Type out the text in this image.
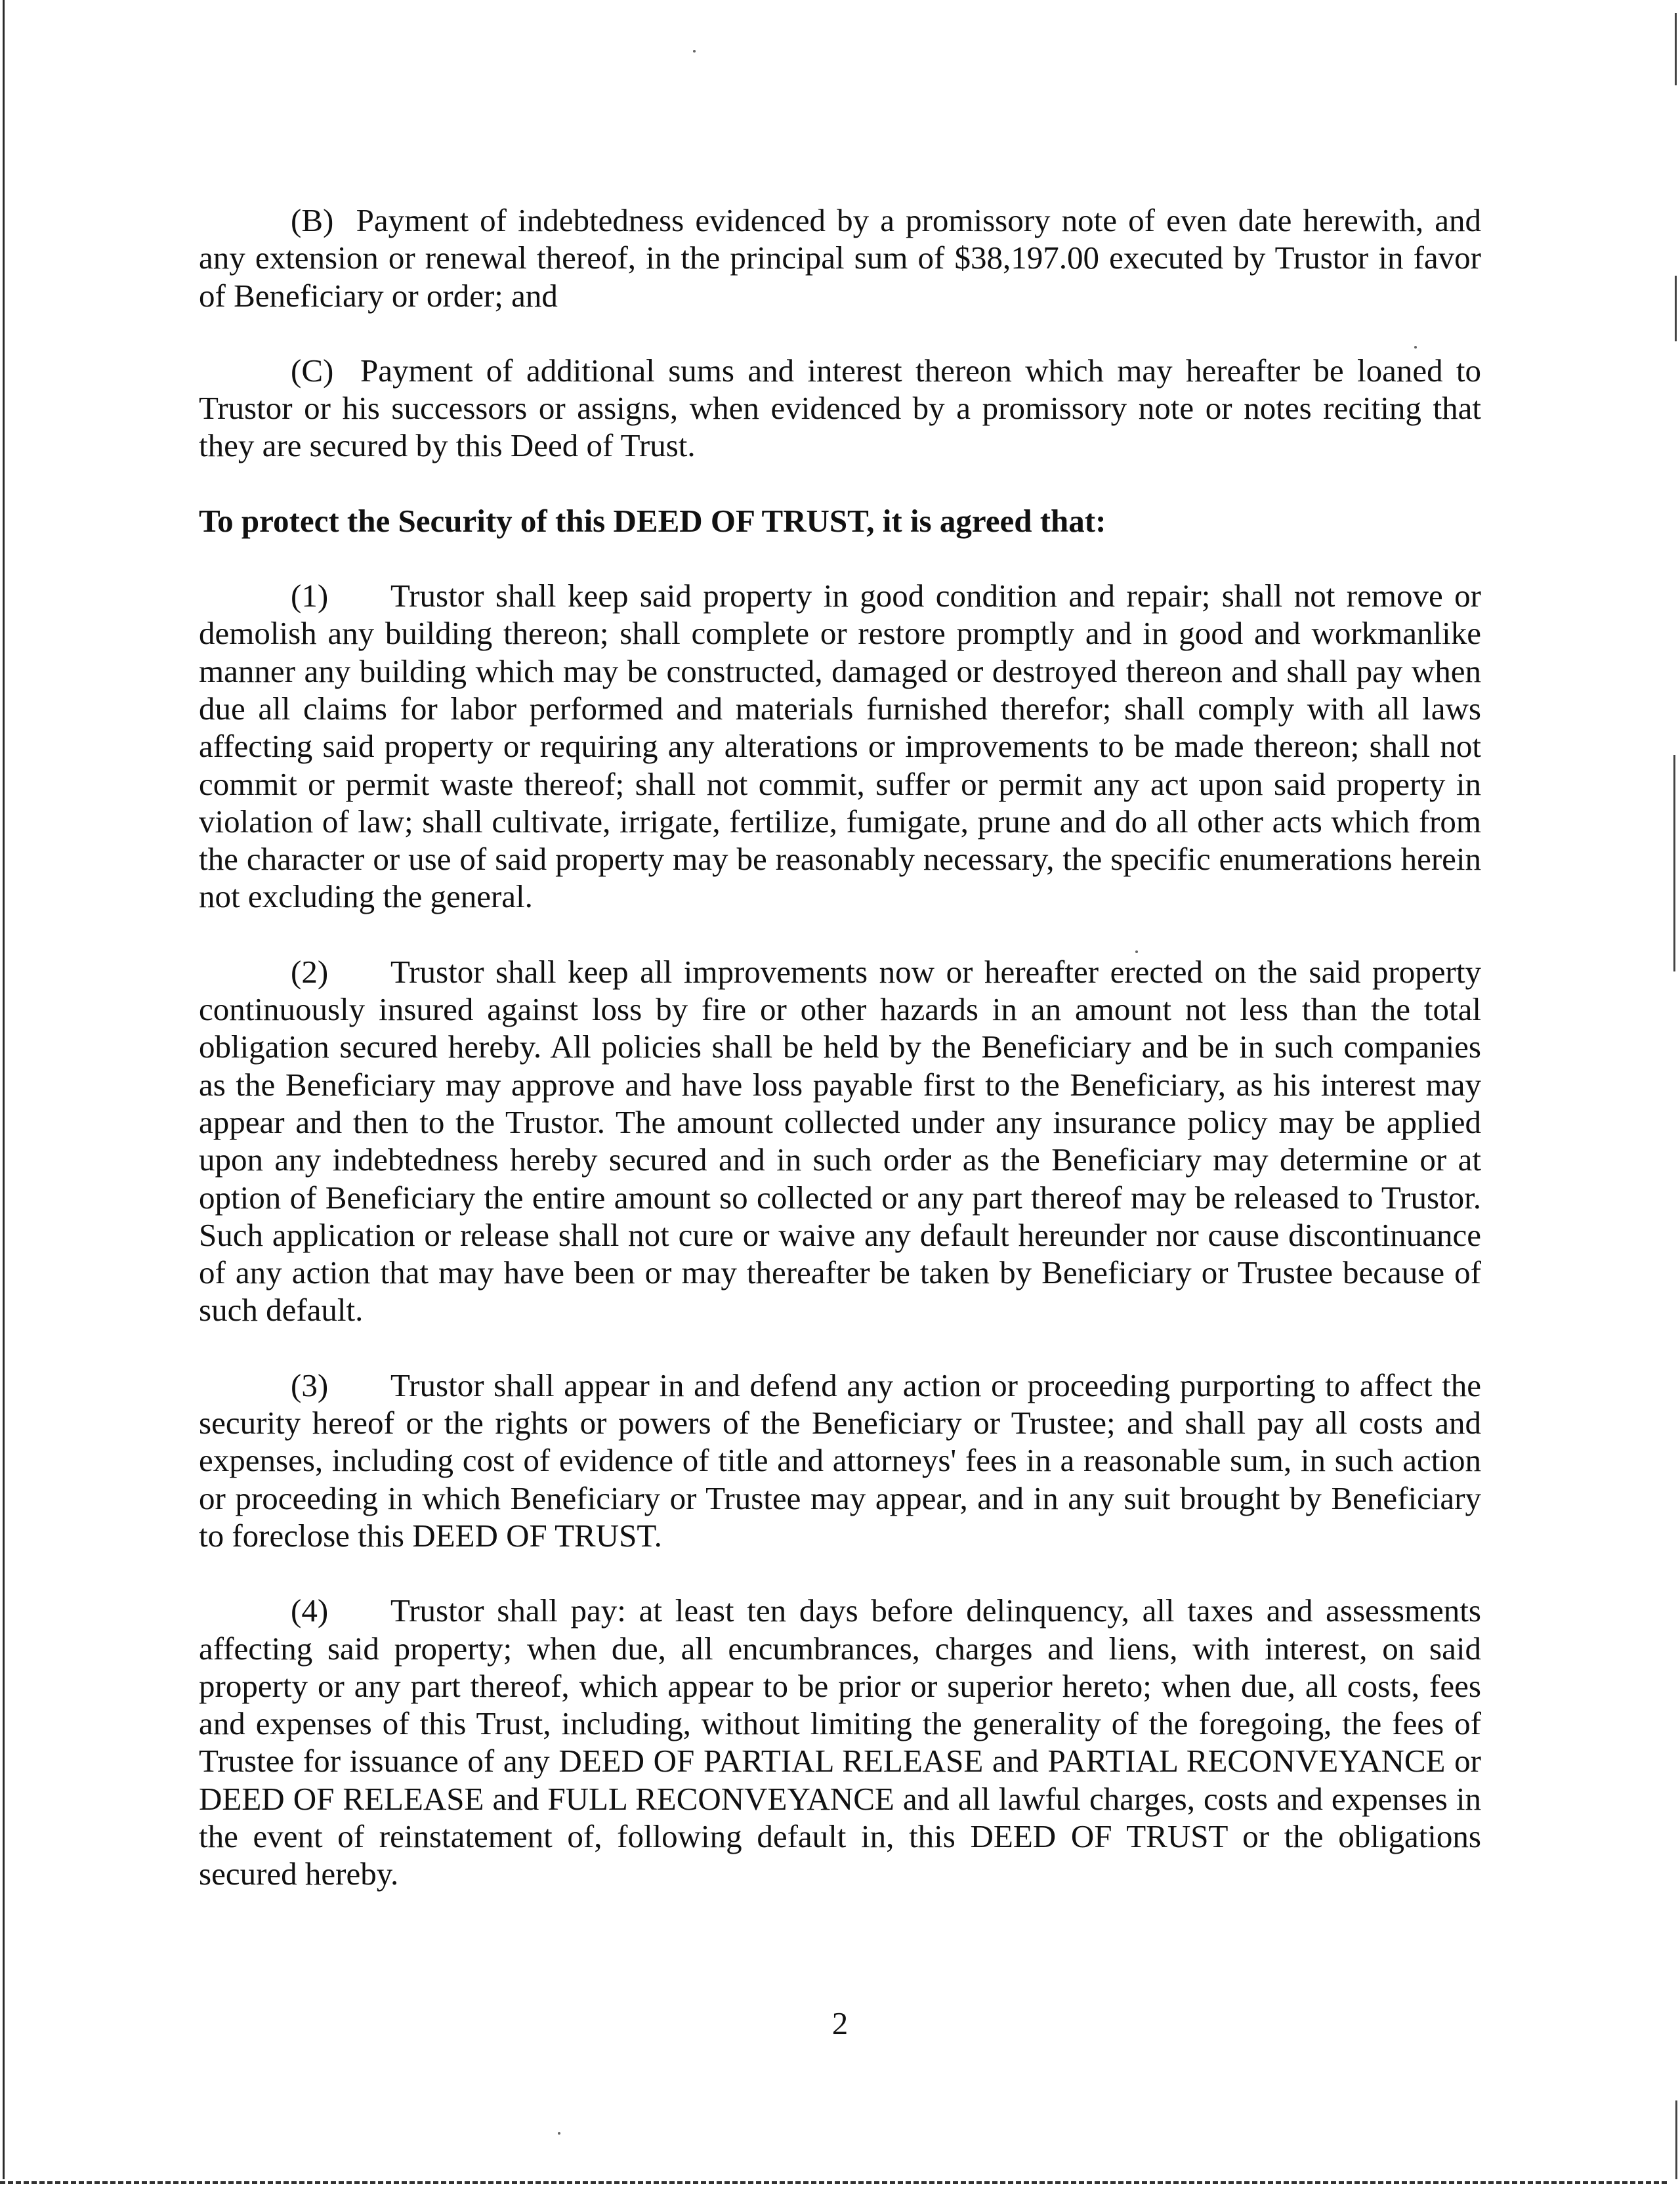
(B) Payment of indebtedness evidenced by a promissory note of even date herewith, and any extension or renewal thereof, in the principal sum of $38,197.00 executed by Trustor in favor of Beneficiary or order; and

(C) Payment of additional sums and interest thereon which may hereafter be loaned to Trustor or his successors or assigns, when evidenced by a promissory note or notes reciting that they are secured by this Deed of Trust.

To protect the Security of this DEED OF TRUST, it is agreed that:

(1) Trustor shall keep said property in good condition and repair; shall not remove or demolish any building thereon; shall complete or restore promptly and in good and workmanlike manner any building which may be constructed, damaged or destroyed thereon and shall pay when due all claims for labor performed and materials furnished therefor; shall comply with all laws affecting said property or requiring any alterations or improvements to be made thereon; shall not commit or permit waste thereof; shall not commit, suffer or permit any act upon said property in violation of law; shall cultivate, irrigate, fertilize, fumigate, prune and do all other acts which from the character or use of said property may be reasonably necessary, the specific enumerations herein not excluding the general.

(2) Trustor shall keep all improvements now or hereafter erected on the said property continuously insured against loss by fire or other hazards in an amount not less than the total obligation secured hereby. All policies shall be held by the Beneficiary and be in such companies as the Beneficiary may approve and have loss payable first to the Beneficiary, as his interest may appear and then to the Trustor. The amount collected under any insurance policy may be applied upon any indebtedness hereby secured and in such order as the Beneficiary may determine or at option of Beneficiary the entire amount so collected or any part thereof may be released to Trustor. Such application or release shall not cure or waive any default hereunder nor cause discontinuance of any action that may have been or may thereafter be taken by Beneficiary or Trustee because of such default.

(3) Trustor shall appear in and defend any action or proceeding purporting to affect the security hereof or the rights or powers of the Beneficiary or Trustee; and shall pay all costs and expenses, including cost of evidence of title and attorneys' fees in a reasonable sum, in such action or proceeding in which Beneficiary or Trustee may appear, and in any suit brought by Beneficiary to foreclose this DEED OF TRUST.

(4) Trustor shall pay: at least ten days before delinquency, all taxes and assessments affecting said property; when due, all encumbrances, charges and liens, with interest, on said property or any part thereof, which appear to be prior or superior hereto; when due, all costs, fees and expenses of this Trust, including, without limiting the generality of the foregoing, the fees of Trustee for issuance of any DEED OF PARTIAL RELEASE and PARTIAL RECONVEYANCE or DEED OF RELEASE and FULL RECONVEYANCE and all lawful charges, costs and expenses in the event of reinstatement of, following default in, this DEED OF TRUST or the obligations secured hereby.

2
